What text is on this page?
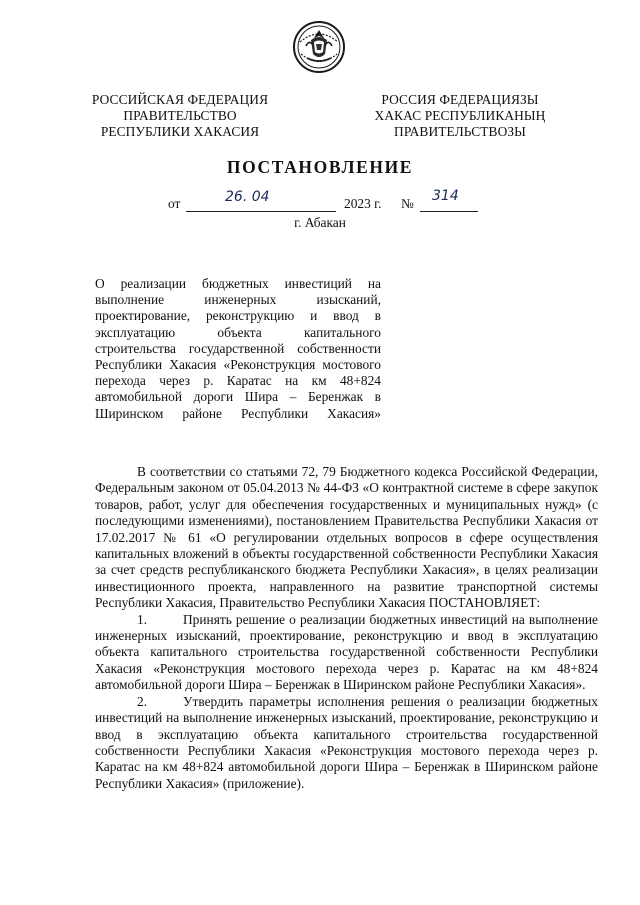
РОССИЙСКАЯ ФЕДЕРАЦИЯ
ПРАВИТЕЛЬСТВО
РЕСПУБЛИКИ ХАКАСИЯ
РОССИЯ ФЕДЕРАЦИЯЗЫ
ХАКАС РЕСПУБЛИКАНЫҢ
ПРАВИТЕЛЬСТВОЗЫ
ПОСТАНОВЛЕНИЕ
от	26. 04	2023 г. № 314
г. Абакан
О реализации бюджетных инвестиций на выполнение инженерных изысканий, проектирование, реконструкцию и ввод в эксплуатацию объекта капитального строительства государственной собственности Республики Хакасия «Реконструкция мостового перехода через р. Каратас на км 48+824 автомобильной дороги Шира – Беренжак в Ширинском районе Республики Хакасия»

В соответствии со статьями 72, 79 Бюджетного кодекса Российской Федерации, Федеральным законом от 05.04.2013 № 44-ФЗ «О контрактной системе в сфере закупок товаров, работ, услуг для обеспечения государственных и муниципальных нужд» (с последующими изменениями), постановлением Правительства Республики Хакасия от 17.02.2017 № 61 «О регулировании отдельных вопросов в сфере осуществления капитальных вложений в объекты государственной собственности Республики Хакасия за счет средств республиканского бюджета Республики Хакасия», в целях реализации инвестиционного проекта, направленного на развитие транспортной системы Республики Хакасия, Правительство Республики Хакасия ПОСТАНОВЛЯЕТ:

1.	Принять решение о реализации бюджетных инвестиций на выполнение инженерных изысканий, проектирование, реконструкцию и ввод в эксплуатацию объекта капитального строительства государственной собственности Республики Хакасия «Реконструкция мостового перехода через р. Каратас на км 48+824 автомобильной дороги Шира – Беренжак в Ширинском районе Республики Хакасия».

2.	Утвердить параметры исполнения решения о реализации бюджетных инвестиций на выполнение инженерных изысканий, проектирование, реконструкцию и ввод в эксплуатацию объекта капитального строительства государственной собственности Республики Хакасия «Реконструкция мостового перехода через р. Каратас на км 48+824 автомобильной дороги Шира – Беренжак в Ширинском районе Республики Хакасия» (приложение).
